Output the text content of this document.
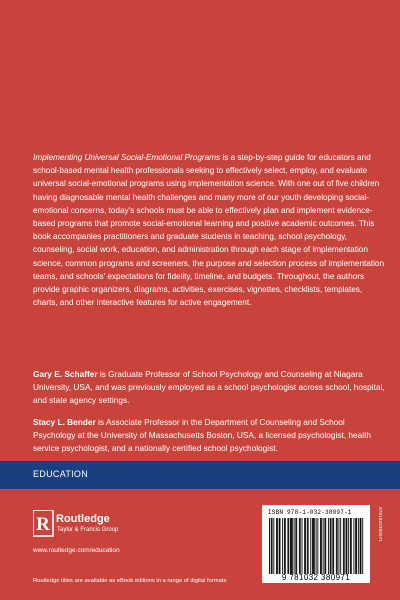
Implementing Universal Social-Emotional Programs is a step-by-step guide for educators and school-based mental health professionals seeking to effectively select, employ, and evaluate universal social-emotional programs using implementation science. With one out of five children having diagnosable mental health challenges and many more of our youth developing social-emotional concerns, today's schools must be able to effectively plan and implement evidence-based programs that promote social-emotional learning and positive academic outcomes. This book accompanies practitioners and graduate students in teaching, school psychology, counseling, social work, education, and administration through each stage of implementation science, common programs and screeners, the purpose and selection process of implementation teams, and schools' expectations for fidelity, timeline, and budgets. Throughout, the authors provide graphic organizers, diagrams, activities, exercises, vignettes, checklists, templates, charts, and other interactive features for active engagement.

Gary E. Schaffer is Graduate Professor of School Psychology and Counseling at Niagara University, USA, and was previously employed as a school psychologist across school, hospital, and state agency settings.

Stacy L. Bender is Associate Professor in the Department of Counseling and School Psychology at the University of Massachusetts Boston, USA, a licensed psychologist, health service psychologist, and a nationally certified school psychologist.

EDUCATION
R Routledge
Taylor & Francis Group
www.routledge.com/education
Routledge titles are available as eBook editions in a range of digital formats
ISBN 978-1-032-38097-1
9 781032 380971
9781032380971
